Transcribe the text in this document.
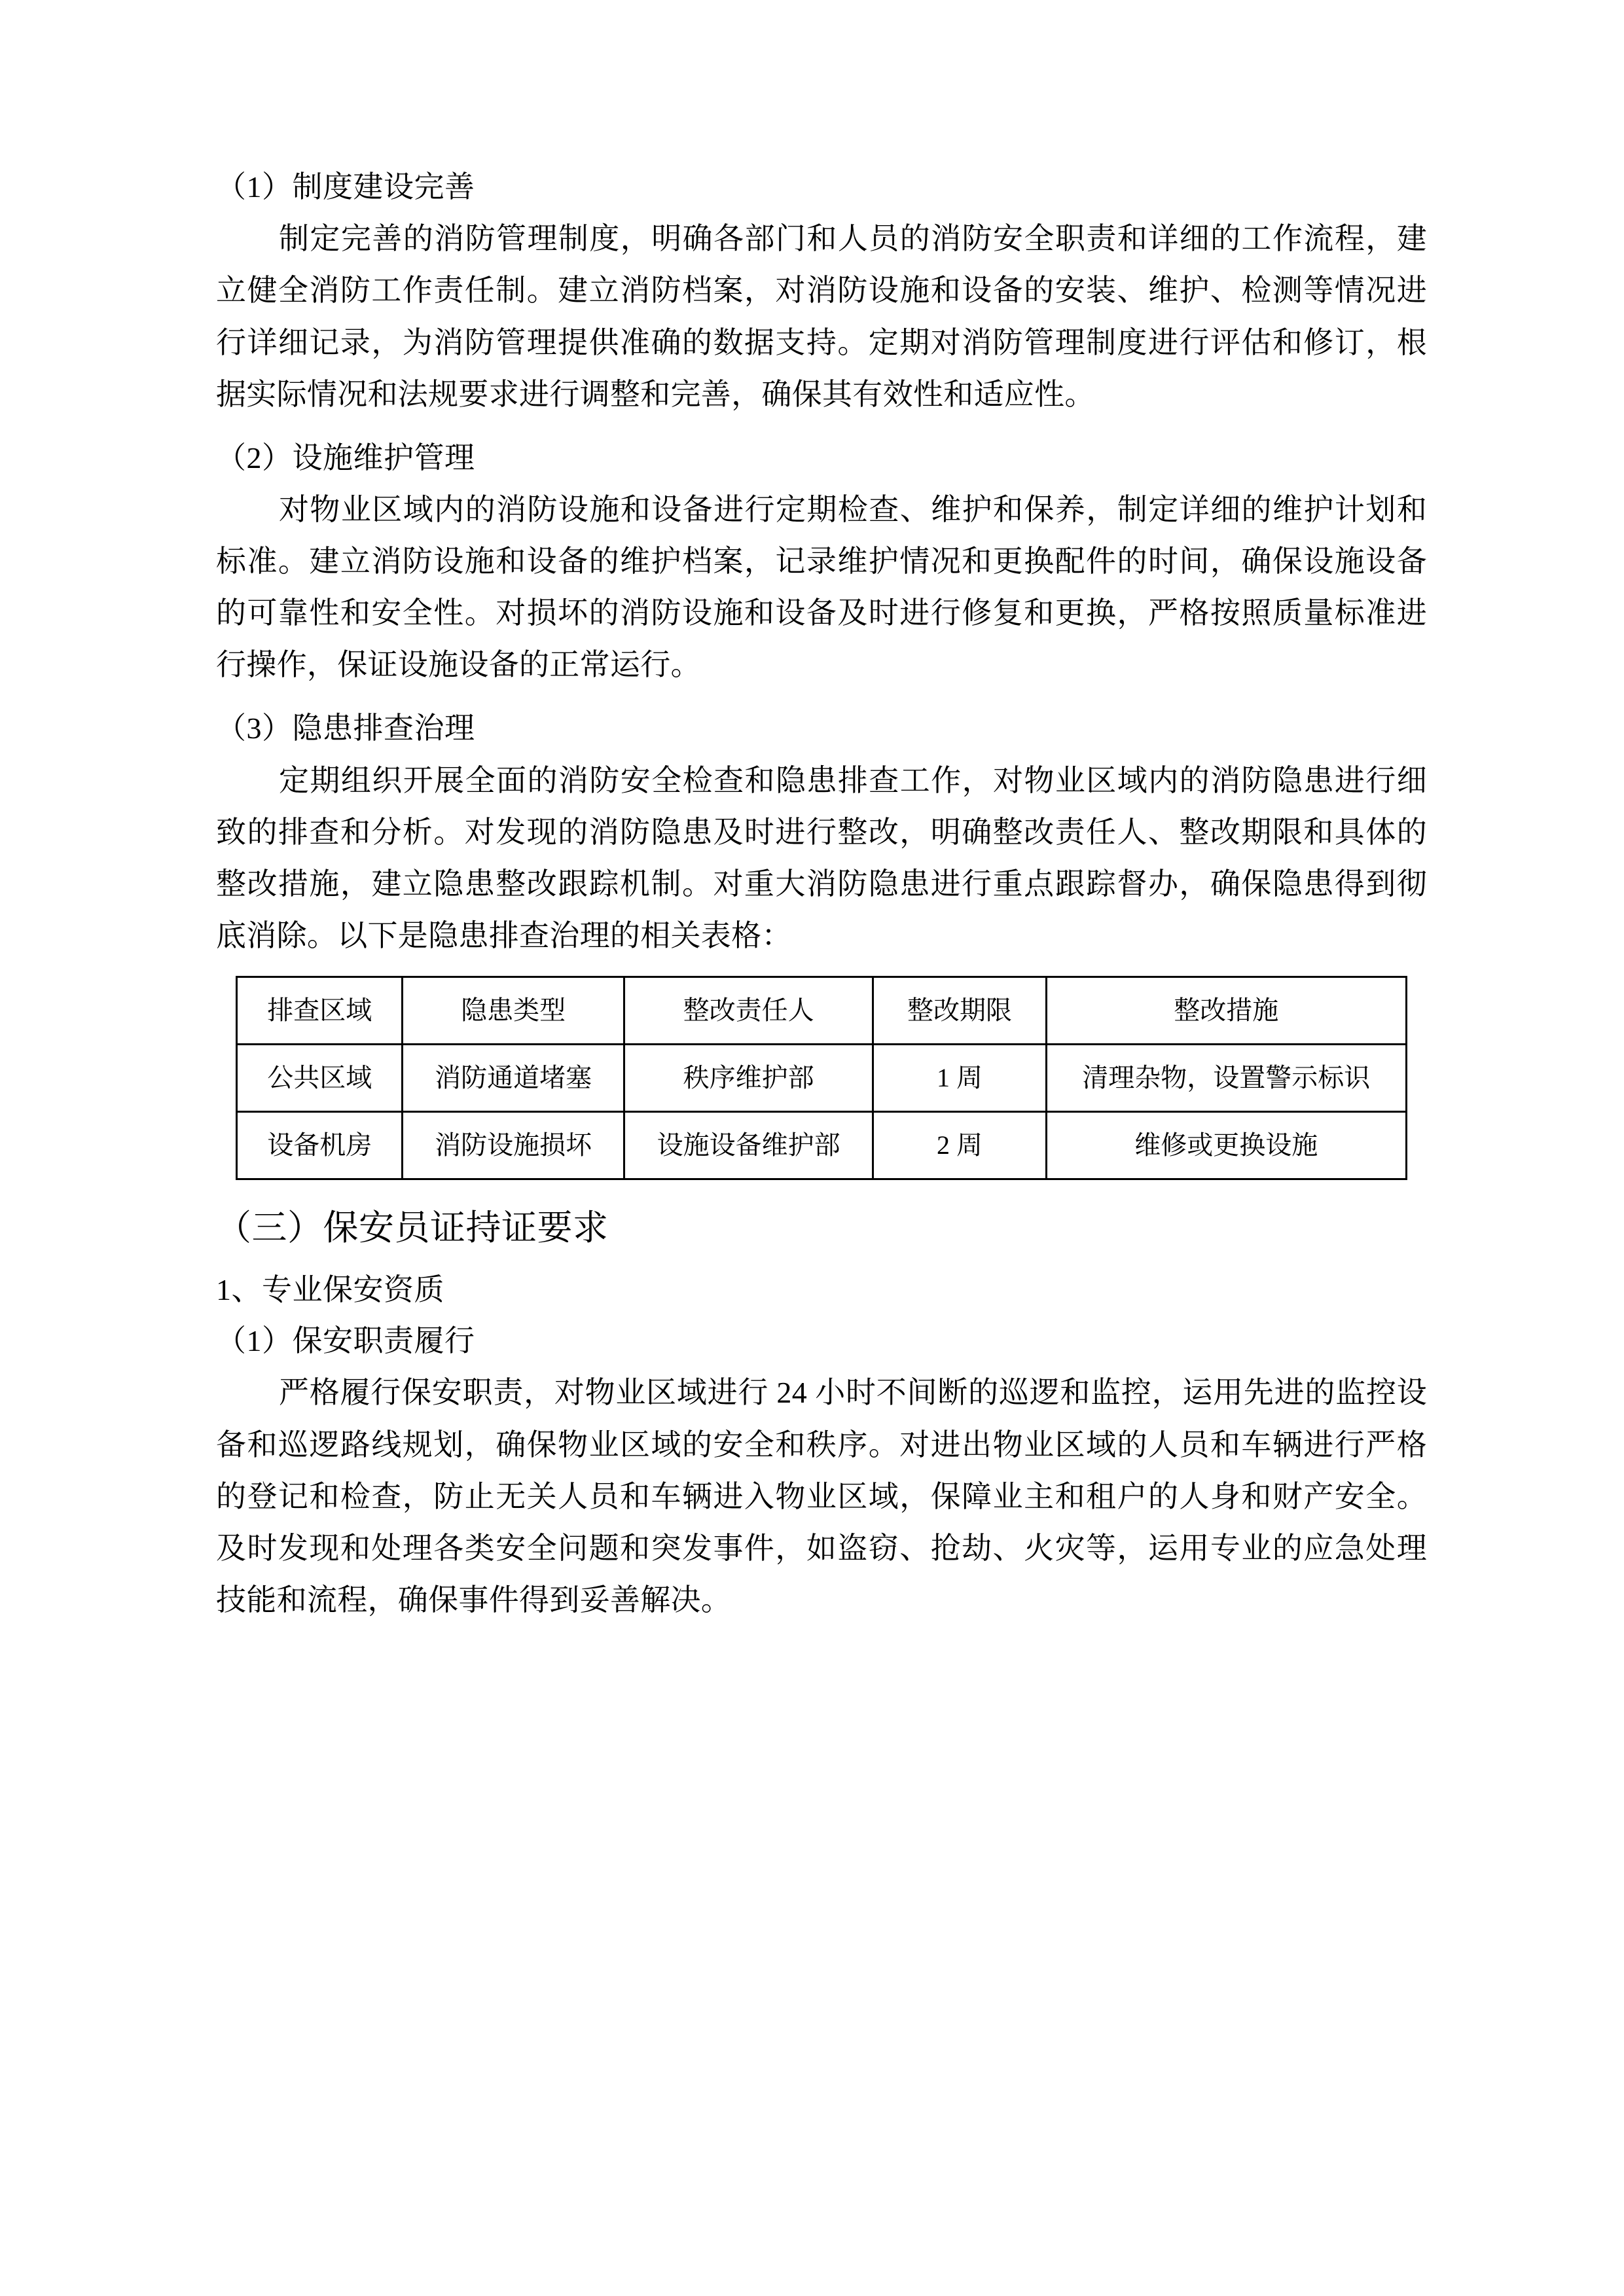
（1）制度建设完善

制定完善的消防管理制度，明确各部门和人员的消防安全职责和详细的工作流程，建立健全消防工作责任制。建立消防档案，对消防设施和设备的安装、维护、检测等情况进行详细记录，为消防管理提供准确的数据支持。定期对消防管理制度进行评估和修订，根据实际情况和法规要求进行调整和完善，确保其有效性和适应性。

（2）设施维护管理

对物业区域内的消防设施和设备进行定期检查、维护和保养，制定详细的维护计划和标准。建立消防设施和设备的维护档案，记录维护情况和更换配件的时间，确保设施设备的可靠性和安全性。对损坏的消防设施和设备及时进行修复和更换，严格按照质量标准进行操作，保证设施设备的正常运行。

（3）隐患排查治理

定期组织开展全面的消防安全检查和隐患排查工作，对物业区域内的消防隐患进行细致的排查和分析。对发现的消防隐患及时进行整改，明确整改责任人、整改期限和具体的整改措施，建立隐患整改跟踪机制。对重大消防隐患进行重点跟踪督办，确保隐患得到彻底消除。以下是隐患排查治理的相关表格：

排查区域	隐患类型	整改责任人	整改期限	整改措施
公共区域	消防通道堵塞	秩序维护部	1 周	清理杂物，设置警示标识
设备机房	消防设施损坏	设施设备维护部	2 周	维修或更换设施

（三）保安员证持证要求

1、专业保安资质

（1）保安职责履行

严格履行保安职责，对物业区域进行 24 小时不间断的巡逻和监控，运用先进的监控设备和巡逻路线规划，确保物业区域的安全和秩序。对进出物业区域的人员和车辆进行严格的登记和检查，防止无关人员和车辆进入物业区域，保障业主和租户的人身和财产安全。及时发现和处理各类安全问题和突发事件，如盗窃、抢劫、火灾等，运用专业的应急处理技能和流程，确保事件得到妥善解决。
